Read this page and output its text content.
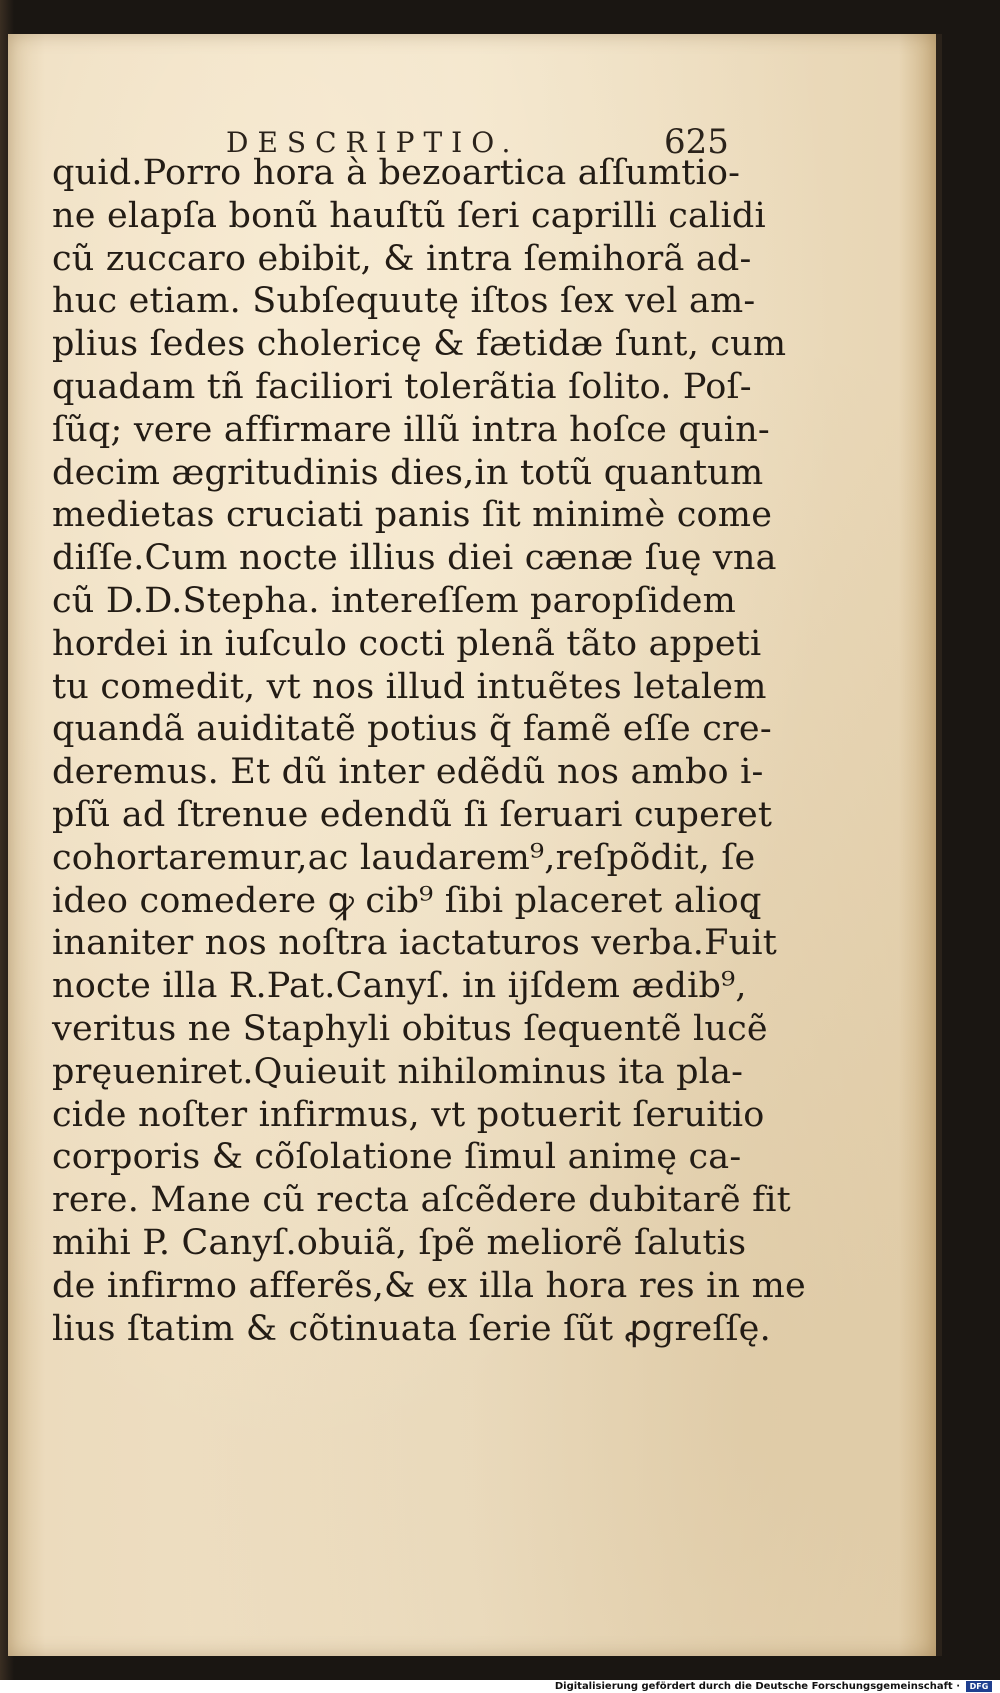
DESCRIPTIO.	625
quid.Porro hora à bezoartica aſſumtio-
ne elapſa bonũ hauſtũ ſeri caprilli calidi
cũ zuccaro ebibit, & intra ſemihorã ad-
huc etiam. Subſequutę iſtos ſex vel am-
plius ſedes cholericę & fætidæ ſunt, cum
quadam tñ faciliori tolerãtia ſolito. Poſ-
ſũq; vere affirmare illũ intra hoſce quin-
decim ægritudinis dies,in totũ quantum
medietas cruciati panis ſit minimè come
diſſe.Cum nocte illius diei cænæ ſuę vna
cũ D.D.Stepha. intereſſem paropſidem
hordei in iuſculo cocti plenã tãto appeti
tu comedit, vt nos illud intuẽtes letalem
quandã auiditatẽ potius q̃ famẽ eſſe cre-
deremus. Et dũ inter edẽdũ nos ambo i-
pſũ ad ſtrenue edendũ ſi ſeruari cuperet
cohortaremur,ac laudarem⁹,reſpõdit, ſe
ideo comedere ꝙ cib⁹ ſibi placeret alioq̨
inaniter nos noſtra iactaturos verba.Fuit
nocte illa R.Pat.Canyſ. in ijſdem ædib⁹,
veritus ne Staphyli obitus ſequentẽ lucẽ
pręueniret.Quieuit nihilominus ita pla-
cide noſter infirmus, vt potuerit ſeruitio
corporis & cõſolatione ſimul animę ca-
rere. Mane cũ recta aſcẽdere dubitarẽ fit
mihi P. Canyſ.obuiã, ſpẽ meliorẽ ſalutis
de infirmo afferẽs,& ex illa hora res in me
lius ſtatim & cõtinuata ſerie ſũt ꝓgreſſę.
Digitalisierung gefördert durch die Deutsche Forschungsgemeinschaft ·	DFG
